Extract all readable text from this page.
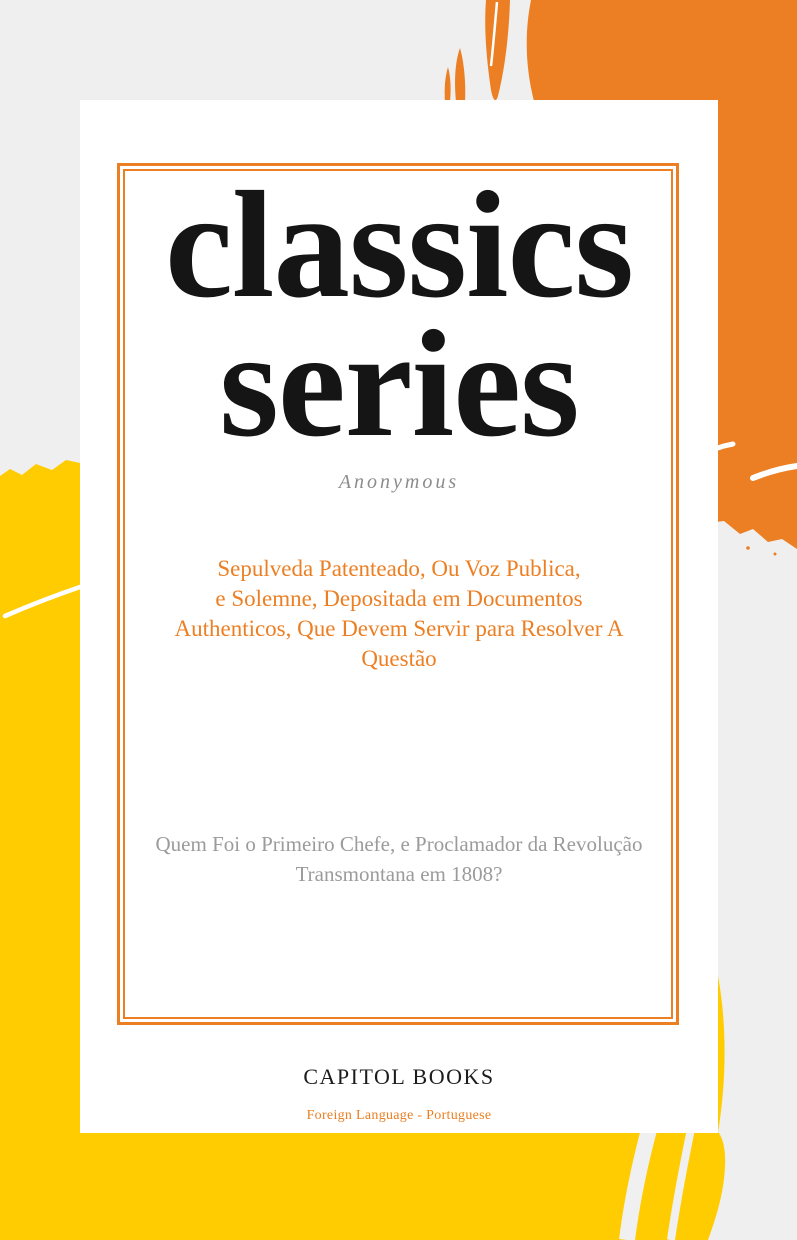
classics
series
Anonymous
Sepulveda Patenteado, Ou Voz Publica,
e Solemne, Depositada em Documentos
Authenticos, Que Devem Servir para Resolver A
Questão
Quem Foi o Primeiro Chefe, e Proclamador da Revolução
Transmontana em 1808?
CAPITOL BOOKS
Foreign Language - Portuguese
